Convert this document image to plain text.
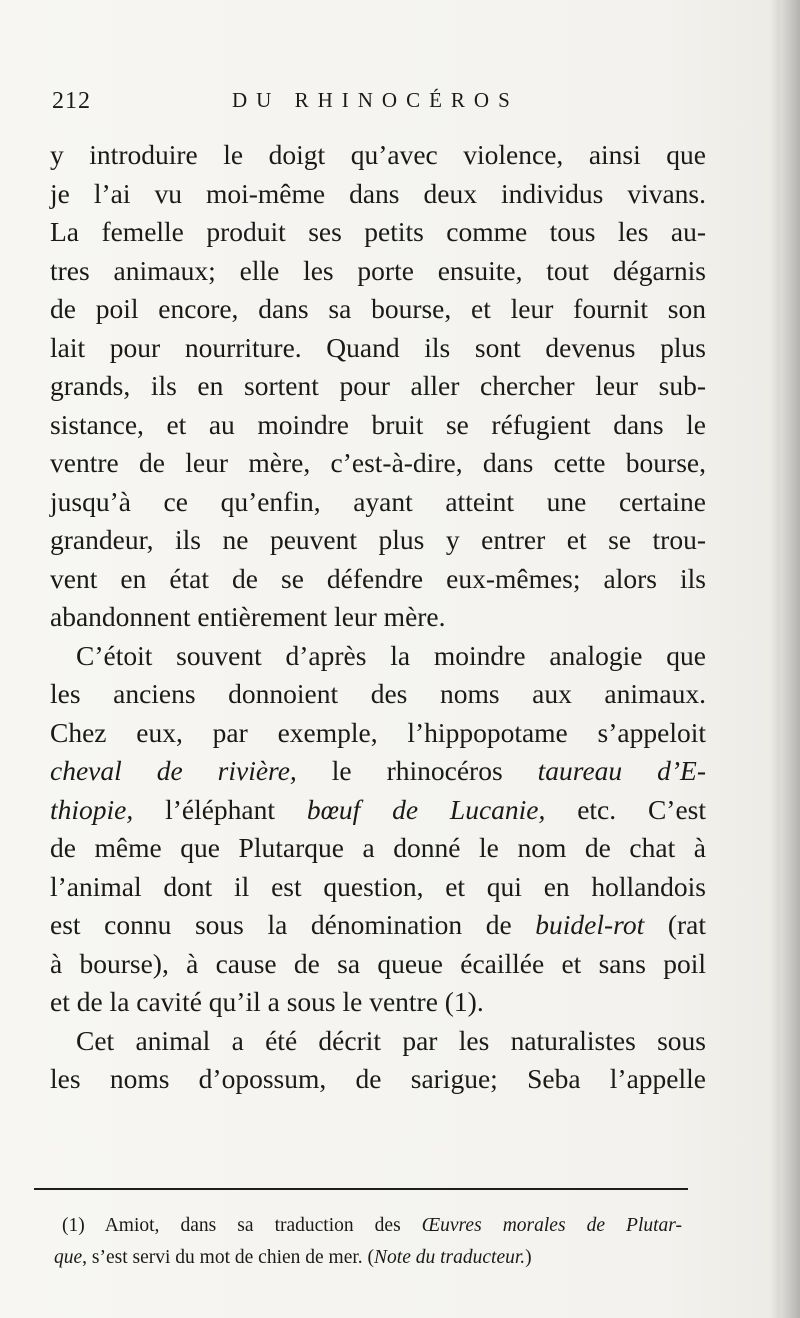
212	DU RHINOCÉROS
y introduire le doigt qu’avec violence, ainsi que
je l’ai vu moi-même dans deux individus vivans.
La femelle produit ses petits comme tous les au-
tres animaux; elle les porte ensuite, tout dégarnis
de poil encore, dans sa bourse, et leur fournit son
lait pour nourriture. Quand ils sont devenus plus
grands, ils en sortent pour aller chercher leur sub-
sistance, et au moindre bruit se réfugient dans le
ventre de leur mère, c’est-à-dire, dans cette bourse,
jusqu’à ce qu’enfin, ayant atteint une certaine
grandeur, ils ne peuvent plus y entrer et se trou-
vent en état de se défendre eux-mêmes; alors ils
abandonnent entièrement leur mère.
C’étoit souvent d’après la moindre analogie que
les anciens donnoient des noms aux animaux.
Chez eux, par exemple, l’hippopotame s’appeloit
cheval de rivière, le rhinocéros taureau d’E-
thiopie, l’éléphant bœuf de Lucanie, etc. C’est
de même que Plutarque a donné le nom de chat à
l’animal dont il est question, et qui en hollandois
est connu sous la dénomination de buidel-rot (rat
à bourse), à cause de sa queue écaillée et sans poil
et de la cavité qu’il a sous le ventre (1).
Cet animal a été décrit par les naturalistes sous
les noms d’opossum, de sarigue; Seba l’appelle
(1) Amiot, dans sa traduction des Œuvres morales de Plutar-
que, s’est servi du mot de chien de mer. (Note du traducteur.)
